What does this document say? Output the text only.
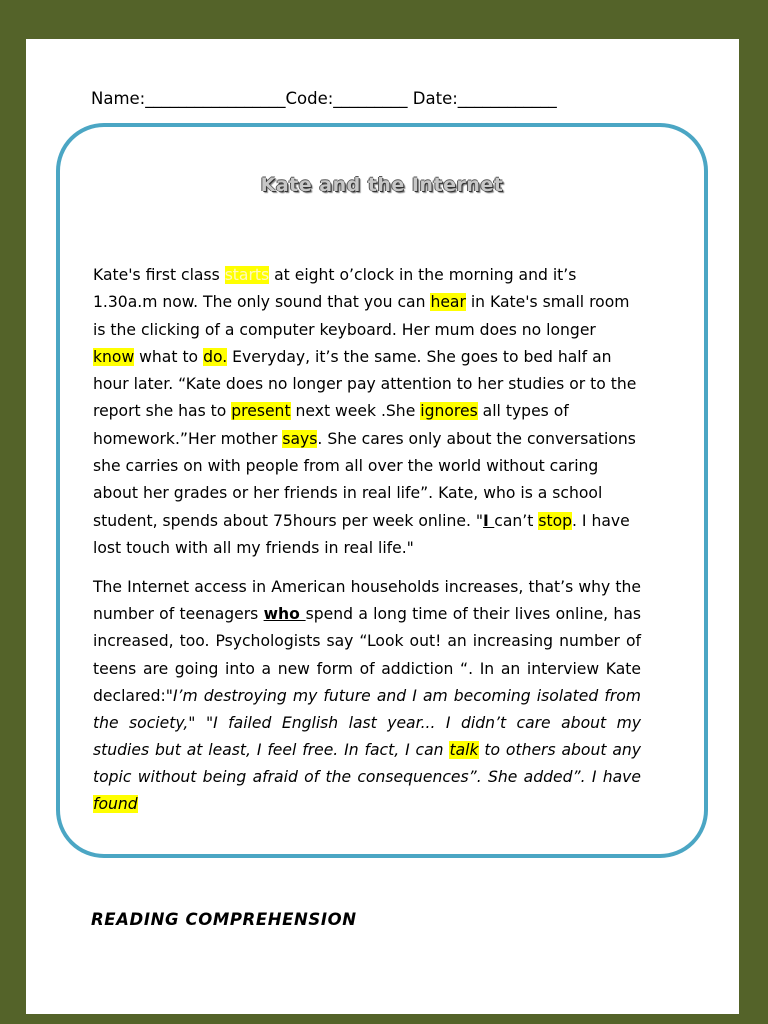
Name:_________________Code:_________ Date:____________
Kate and the Internet

Kate's first class starts at eight o’clock in the morning and it’s 1.30a.m now. The only sound that you can hear in Kate's small room is the clicking of a computer keyboard. Her mum does no longer know what to do. Everyday, it’s the same. She goes to bed half an hour later. “Kate does no longer pay attention to her studies or to the report she has to present next week .She ignores all types of homework.”Her mother says. She cares only about the conversations she carries on with people from all over the world without caring about her grades or her friends in real life”. Kate, who is a school student, spends about 75hours per week online. "I can’t stop. I have lost touch with all my friends in real life."

The Internet access in American households increases, that’s why the number of teenagers who spend a long time of their lives online, has increased, too. Psychologists say “Look out! an increasing number of teens are going into a new form of addiction “. In an interview Kate declared:"I’m destroying my future and I am becoming isolated from the society," "I failed English last year... I didn’t care about my studies but at least, I feel free. In fact, I can talk to others about any topic without being afraid of the consequences”. She added”. I have found

READING COMPREHENSION
